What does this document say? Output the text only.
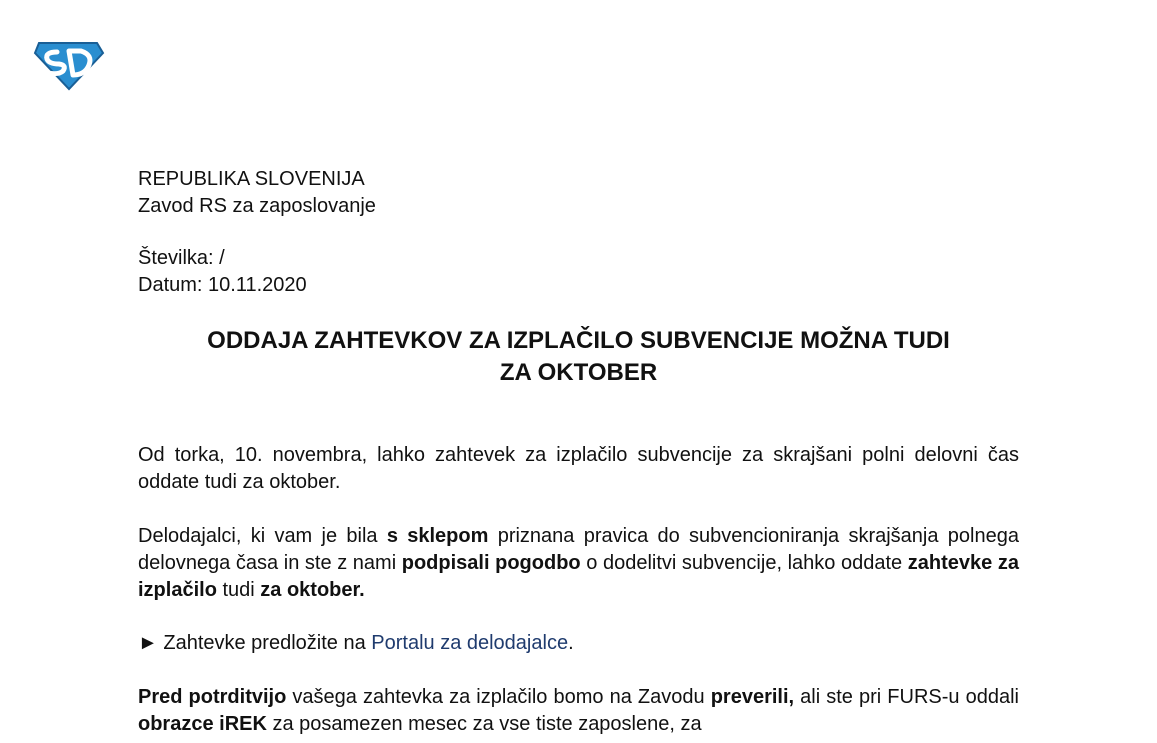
REPUBLIKA SLOVENIJA
Zavod RS za zaposlovanje
Številka: /
Datum: 10.11.2020
ODDAJA ZAHTEVKOV ZA IZPLAČILO SUBVENCIJE MOŽNA TUDI
ZA OKTOBER

Od torka, 10. novembra, lahko zahtevek za izplačilo subvencije za skrajšani polni delovni čas oddate tudi za oktober.

Delodajalci, ki vam je bila s sklepom priznana pravica do subvencioniranja skrajšanja polnega delovnega časa in ste z nami podpisali pogodbo o dodelitvi subvencije, lahko oddate zahtevke za izplačilo tudi za oktober.

► Zahtevke predložite na Portalu za delodajalce.

Pred potrditvijo vašega zahtevka za izplačilo bomo na Zavodu preverili, ali ste pri FURS-u oddali obrazce iREK za posamezen mesec za vse tiste zaposlene, za
